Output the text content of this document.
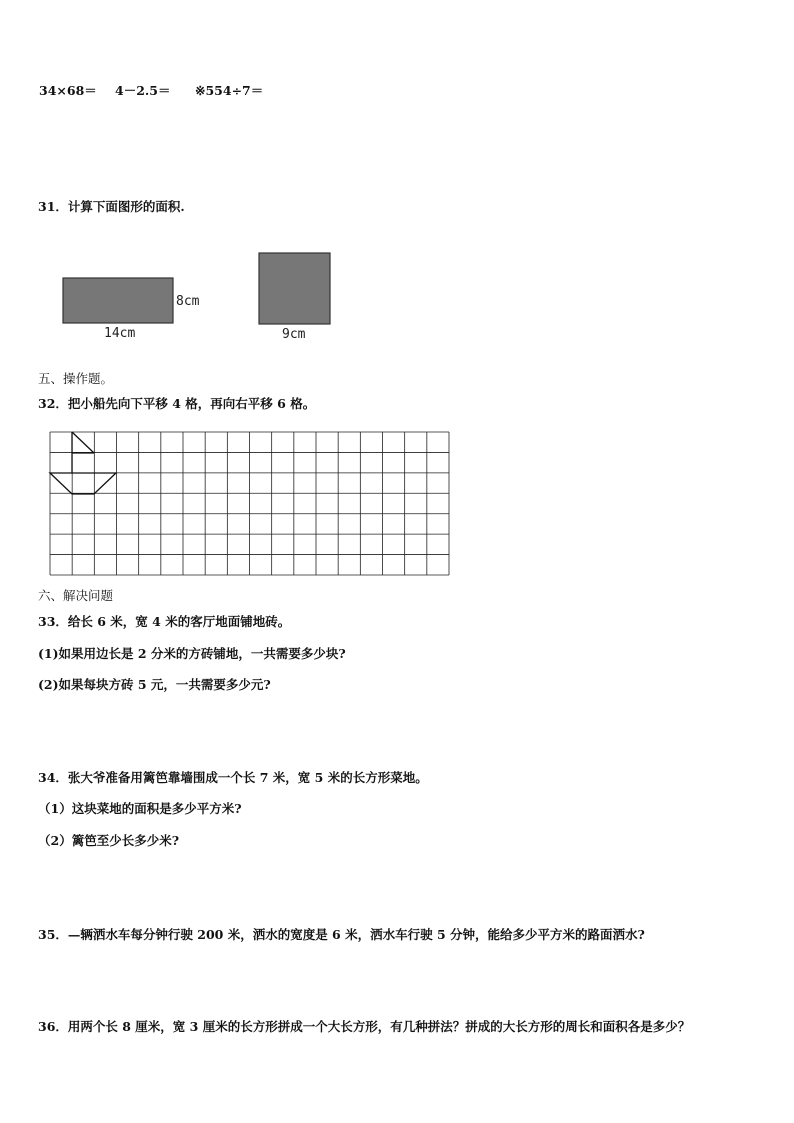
34×68＝ 4－2.5＝ ※554÷7＝
31．计算下面图形的面积.
8cm
14cm	9cm
五、操作题。
32．把小船先向下平移 4 格，再向右平移 6 格。
六、解决问题
33．给长 6 米，宽 4 米的客厅地面铺地砖。
(1)如果用边长是 2 分米的方砖铺地，一共需要多少块?
(2)如果每块方砖 5 元，一共需要多少元?
34．张大爷准备用篱笆靠墙围成一个长 7 米，宽 5 米的长方形菜地。
（1）这块菜地的面积是多少平方米?
（2）篱笆至少长多少米?
35．—辆洒水车每分钟行驶 200 米，洒水的宽度是 6 米，洒水车行驶 5 分钟，能给多少平方米的路面洒水?
36．用两个长 8 厘米，宽 3 厘米的长方形拼成一个大长方形，有几种拼法？拼成的大长方形的周长和面积各是多少？
